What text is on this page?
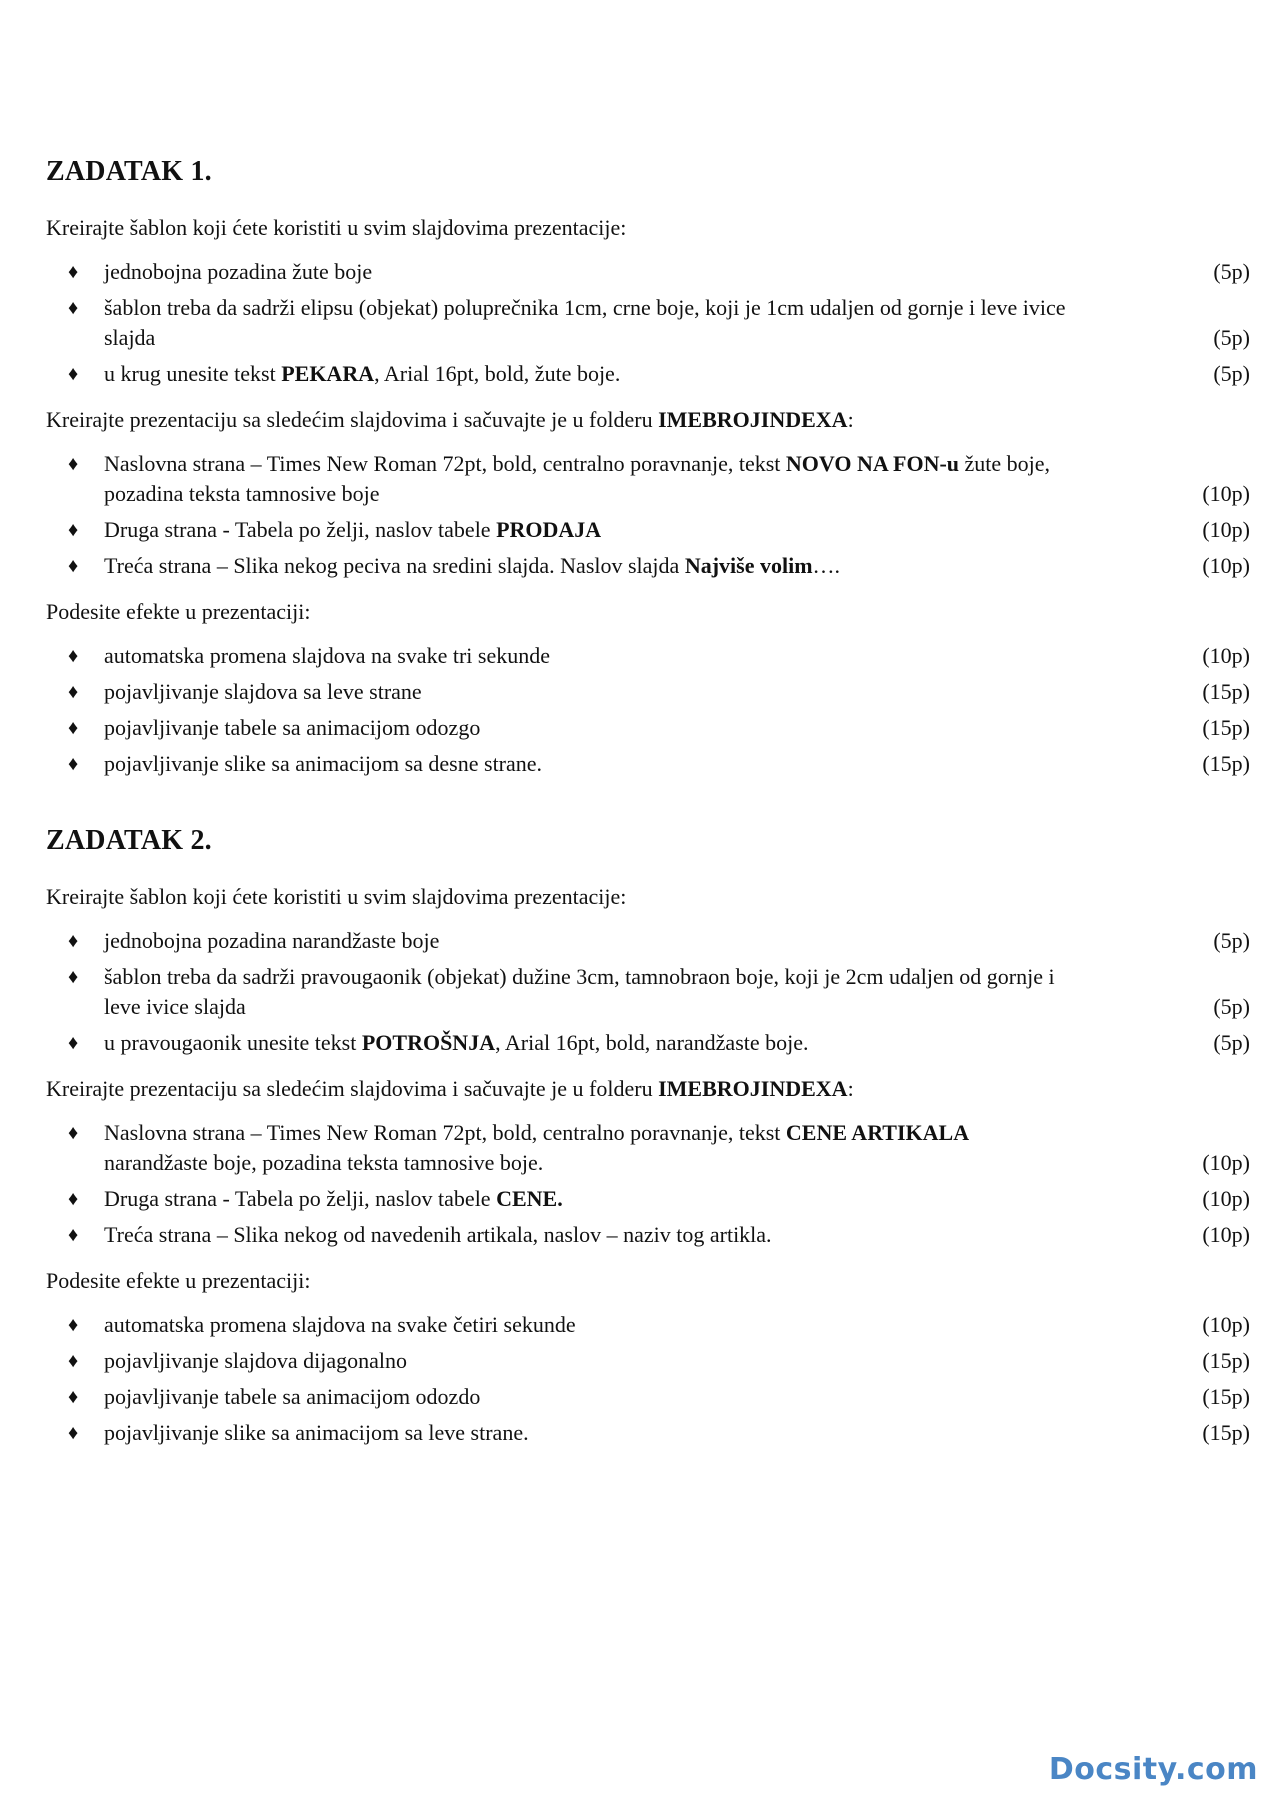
ZADATAK 1.

Kreirajte šablon koji ćete koristiti u svim slajdovima prezentacije:

♦	(5p)
jednobojna pozadina žute boje
♦ šablon treba da sadrži elipsu (objekat) poluprečnika 1cm, crne boje, koji je 1cm udaljen od gornje i leve ivice
(5p)
slajda
♦	(5p)
u krug unesite tekst PEKARA, Arial 16pt, bold, žute boje.

Kreirajte prezentaciju sa sledećim slajdovima i sačuvajte je u folderu IMEBROJINDEXA:

♦ Naslovna strana – Times New Roman 72pt, bold, centralno poravnanje, tekst NOVO NA FON-u žute boje,
(10p)
pozadina teksta tamnosive boje
♦	(10p)
Druga strana - Tabela po želji, naslov tabele PRODAJA
♦	(10p)
Treća strana – Slika nekog peciva na sredini slajda. Naslov slajda Najviše volim….

Podesite efekte u prezentaciji:

♦	(10p)
automatska promena slajdova na svake tri sekunde
♦	(15p)
pojavljivanje slajdova sa leve strane
♦	(15p)
pojavljivanje tabele sa animacijom odozgo
♦	(15p)
pojavljivanje slike sa animacijom sa desne strane.
ZADATAK 2.

Kreirajte šablon koji ćete koristiti u svim slajdovima prezentacije:

♦	(5p)
jednobojna pozadina narandžaste boje
♦ šablon treba da sadrži pravougaonik (objekat) dužine 3cm, tamnobraon boje, koji je 2cm udaljen od gornje i
(5p)
leve ivice slajda
♦	(5p)
u pravougaonik unesite tekst POTROŠNJA, Arial 16pt, bold, narandžaste boje.

Kreirajte prezentaciju sa sledećim slajdovima i sačuvajte je u folderu IMEBROJINDEXA:

♦ Naslovna strana – Times New Roman 72pt, bold, centralno poravnanje, tekst CENE ARTIKALA
(10p)
narandžaste boje, pozadina teksta tamnosive boje.
♦	(10p)
Druga strana - Tabela po želji, naslov tabele CENE.
♦	(10p)
Treća strana – Slika nekog od navedenih artikala, naslov – naziv tog artikla.

Podesite efekte u prezentaciji:

♦	(10p)
automatska promena slajdova na svake četiri sekunde
♦	(15p)
pojavljivanje slajdova dijagonalno
♦	(15p)
pojavljivanje tabele sa animacijom odozdo
♦	(15p)
pojavljivanje slike sa animacijom sa leve strane.
Docsity.com
